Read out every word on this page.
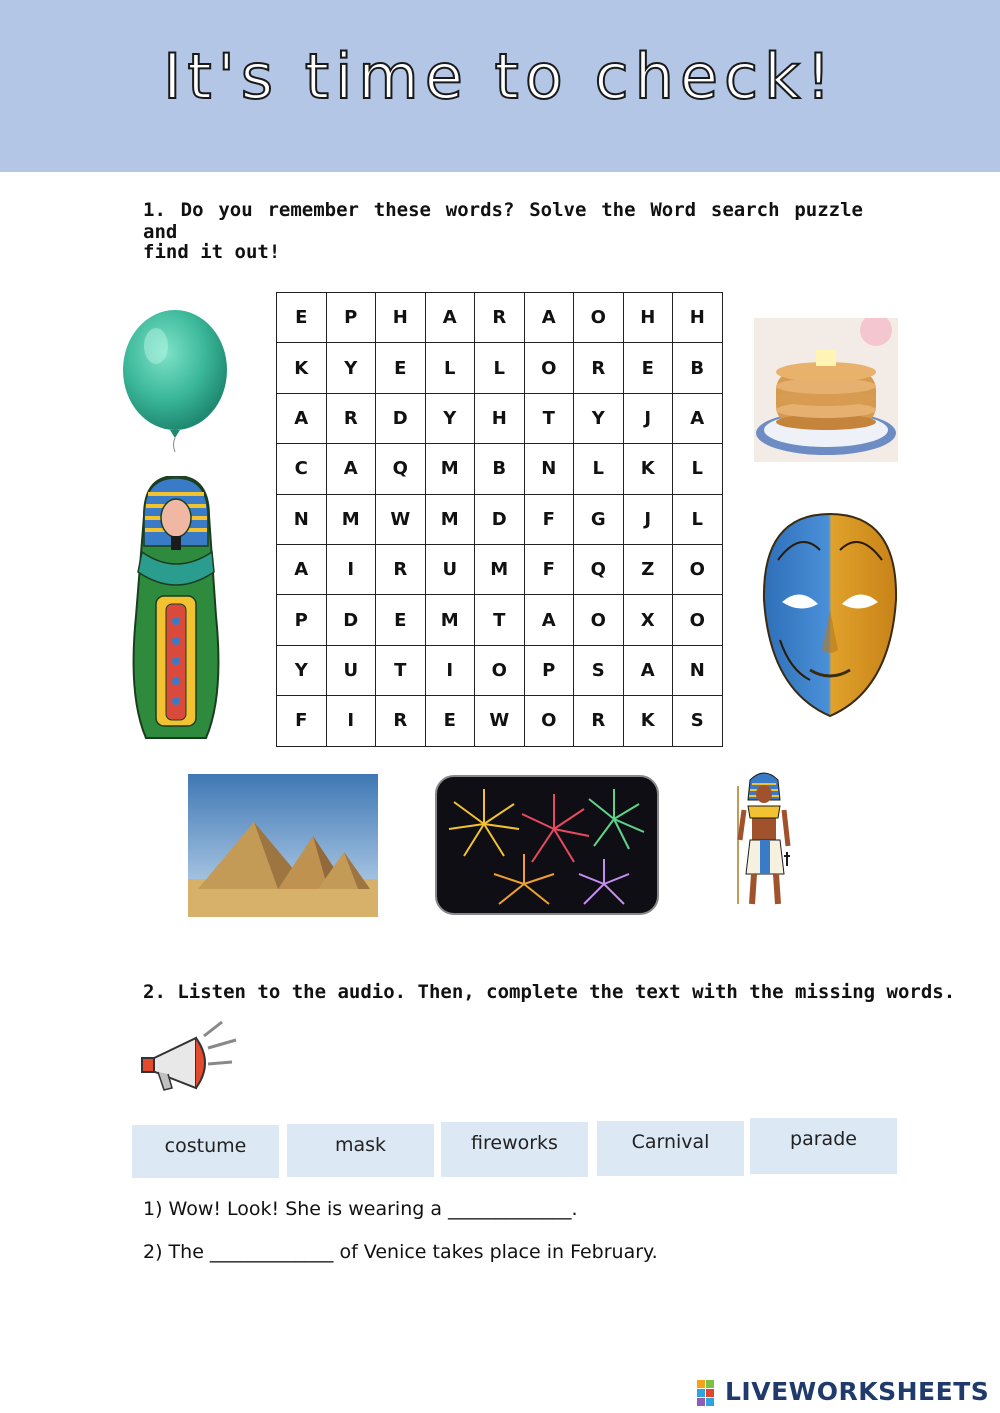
It's time to check!
1. Do you remember these words? Solve the Word search puzzle and
find it out!
E	P	H	A	R	A	O	H	H
K	Y	E	L	L	O	R	E	B
A	R	D	Y	H	T	Y	J	A
C	A	Q	M	B	N	L	K	L
N	M	W	M	D	F	G	J	L
A	I	R	U	M	F	Q	Z	O
P	D	E	M	T	A	O	X	O
Y	U	T	I	O	P	S	A	N
F	I	R	E	W	O	R	K	S
2. Listen to the audio. Then, complete the text with the missing words.
costume	mask	fireworks	Carnival	parade
1) Wow! Look! She is wearing a _____________.
2) The _____________ of Venice takes place in February.
LIVEWORKSHEETS
